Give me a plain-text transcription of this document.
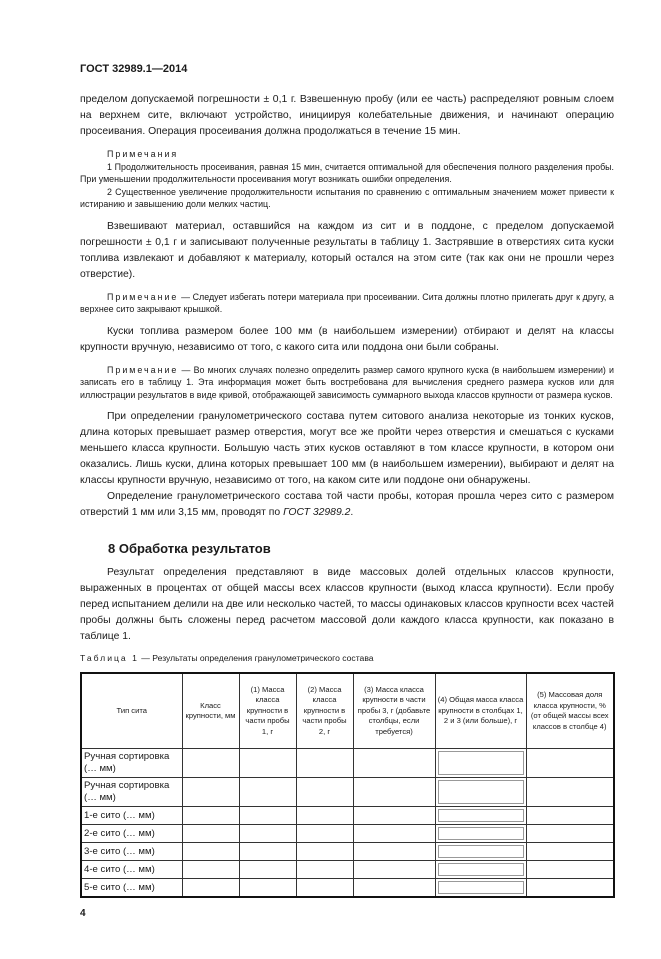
ГОСТ 32989.1—2014
пределом допускаемой погрешности ± 0,1 г. Взвешенную пробу (или ее часть) распределяют ровным слоем на верхнем сите, включают устройство, инициируя колебательные движения, и начинают операцию просеивания. Операция просеивания должна продолжаться в течение 15 мин.
Примечания
1 Продолжительность просеивания, равная 15 мин, считается оптимальной для обеспечения полного разделения пробы. При уменьшении продолжительности просеивания могут возникать ошибки определения.
2 Существенное увеличение продолжительности испытания по сравнению с оптимальным значением может привести к истиранию и завышению доли мелких частиц.
Взвешивают материал, оставшийся на каждом из сит и в поддоне, с пределом допускаемой погрешности ± 0,1 г и записывают полученные результаты в таблицу 1. Застрявшие в отверстиях сита куски топлива извлекают и добавляют к материалу, который остался на этом сите (так как они не прошли через отверстие).
Примечание — Следует избегать потери материала при просеивании. Сита должны плотно прилегать друг к другу, а верхнее сито закрывают крышкой.
Куски топлива размером более 100 мм (в наибольшем измерении) отбирают и делят на классы крупности вручную, независимо от того, с какого сита или поддона они были собраны.
Примечание — Во многих случаях полезно определить размер самого крупного куска (в наибольшем измерении) и записать его в таблицу 1. Эта информация может быть востребована для вычисления среднего размера кусков или для иллюстрации результатов в виде кривой, отображающей зависимость суммарного выхода классов крупности от размера кусков.
При определении гранулометрического состава путем ситового анализа некоторые из тонких кусков, длина которых превышает размер отверстия, могут все же пройти через отверстия и смешаться с кусками меньшего класса крупности. Большую часть этих кусков оставляют в том классе крупности, в котором они оказались. Лишь куски, длина которых превышает 100 мм (в наибольшем измерении), выбирают и делят на классы крупности вручную, независимо от того, на каком сите или поддоне они обнаружены.
Определение гранулометрического состава той части пробы, которая прошла через сито с размером отверстий 1 мм или 3,15 мм, проводят по ГОСТ 32989.2.
8 Обработка результатов
Результат определения представляют в виде массовых долей отдельных классов крупности, выраженных в процентах от общей массы всех классов крупности (выход класса крупности). Если пробу перед испытанием делили на две или несколько частей, то массы одинаковых классов крупности всех частей пробы должны быть сложены перед расчетом массовой доли каждого класса крупности, как показано в таблице 1.
Таблица 1 — Результаты определения гранулометрического состава
Тип сита	Класс крупности, мм	(1) Масса класса крупности в части пробы 1, г	(2) Масса класса крупности в части пробы 2, г	(3) Масса класса крупности в части пробы 3, г (добавьте столбцы, если требуется)	(4) Общая масса класса крупности в столбцах 1, 2 и 3 (или больше), г	(5) Массовая доля класса крупности, % (от общей массы всех классов в столбце 4)
Ручная сортировка (… мм)						
Ручная сортировка (… мм)						
1-е сито (… мм)						
2-е сито (… мм)						
3-е сито (… мм)						
4-е сито (… мм)						
5-е сито (… мм)						
4
